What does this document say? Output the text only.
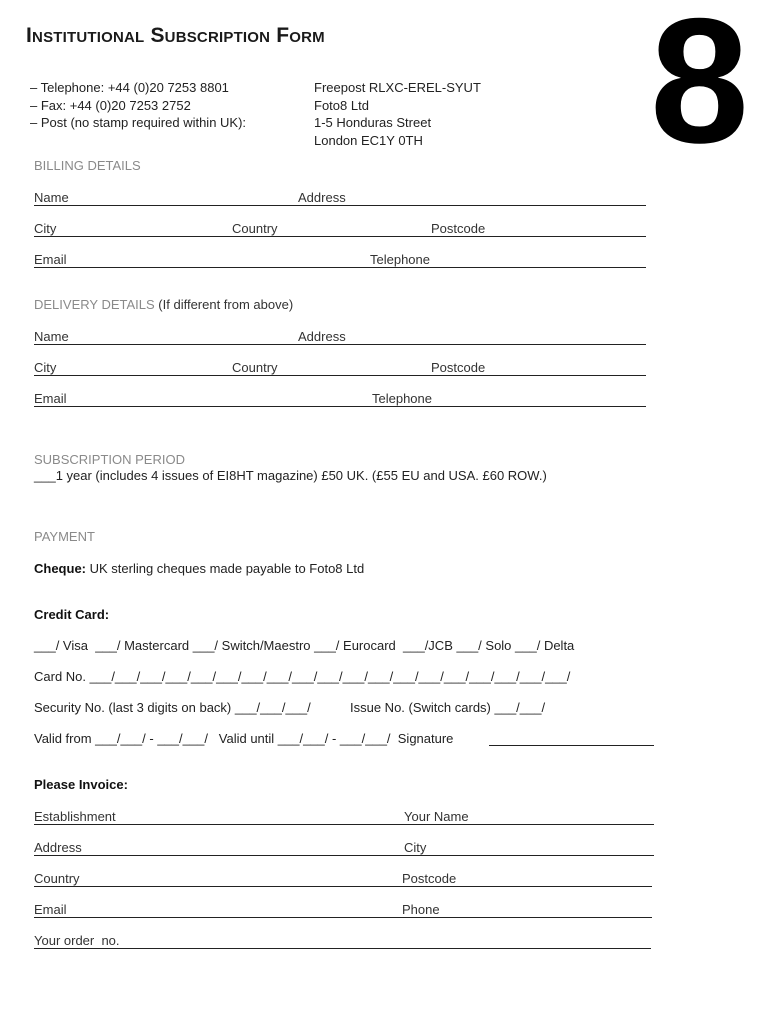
Institutional Subscription Form 8
– Telephone: +44 (0)20 7253 8801
– Fax: +44 (0)20 7253 2752
– Post (no stamp required within UK):
Freepost RLXC-EREL-SYUT
Foto8 Ltd
1-5 Honduras Street
London EC1Y 0TH
BILLING DETAILS
Name	Address
City	Country	Postcode
Email	Telephone
DELIVERY DETAILS (If different from above)
Name	Address
City	Country	Postcode
Email	Telephone
SUBSCRIPTION PERIOD
___1 year (includes 4 issues of EI8HT magazine) £50 UK. (£55 EU and USA. £60 ROW.)
PAYMENT
Cheque: UK sterling cheques made payable to Foto8 Ltd
Credit Card:
___/ Visa  ___/ Mastercard ___/ Switch/Maestro ___/ Eurocard  ___/JCB ___/ Solo ___/ Delta
Card No. ___/___/___/___/___/___/___/___/___/___/___/___/___/___/___/___/___/___/___/
Security No. (last 3 digits on back) ___/___/___/	Issue No. (Switch cards) ___/___/
Valid from ___/___/ - ___/___/   Valid until ___/___/ - ___/___/  Signature
Please Invoice:
Establishment	Your Name
Address	City
Country	Postcode
Email	Phone
Your order  no.
